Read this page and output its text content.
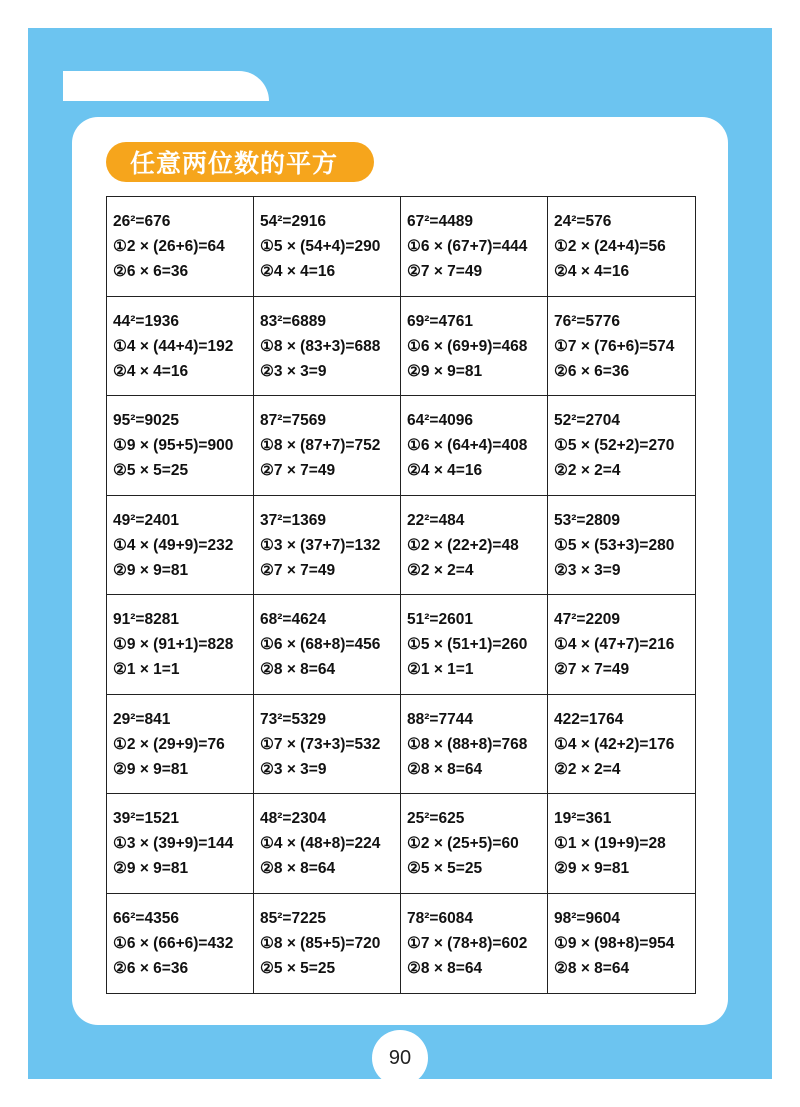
任意两位数的平方
26²=676
①2 × (26+6)=64
②6 × 6=36
54²=2916
①5 × (54+4)=290
②4 × 4=16
67²=4489
①6 × (67+7)=444
②7 × 7=49
24²=576
①2 × (24+4)=56
②4 × 4=16
44²=1936
①4 × (44+4)=192
②4 × 4=16
83²=6889
①8 × (83+3)=688
②3 × 3=9
69²=4761
①6 × (69+9)=468
②9 × 9=81
76²=5776
①7 × (76+6)=574
②6 × 6=36
95²=9025
①9 × (95+5)=900
②5 × 5=25
87²=7569
①8 × (87+7)=752
②7 × 7=49
64²=4096
①6 × (64+4)=408
②4 × 4=16
52²=2704
①5 × (52+2)=270
②2 × 2=4
49²=2401
①4 × (49+9)=232
②9 × 9=81
37²=1369
①3 × (37+7)=132
②7 × 7=49
22²=484
①2 × (22+2)=48
②2 × 2=4
53²=2809
①5 × (53+3)=280
②3 × 3=9
91²=8281
①9 × (91+1)=828
②1 × 1=1
68²=4624
①6 × (68+8)=456
②8 × 8=64
51²=2601
①5 × (51+1)=260
②1 × 1=1
47²=2209
①4 × (47+7)=216
②7 × 7=49
29²=841
①2 × (29+9)=76
②9 × 9=81
73²=5329
①7 × (73+3)=532
②3 × 3=9
88²=7744
①8 × (88+8)=768
②8 × 8=64
422=1764
①4 × (42+2)=176
②2 × 2=4
39²=1521
①3 × (39+9)=144
②9 × 9=81
48²=2304
①4 × (48+8)=224
②8 × 8=64
25²=625
①2 × (25+5)=60
②5 × 5=25
19²=361
①1 × (19+9)=28
②9 × 9=81
66²=4356
①6 × (66+6)=432
②6 × 6=36
85²=7225
①8 × (85+5)=720
②5 × 5=25
78²=6084
①7 × (78+8)=602
②8 × 8=64
98²=9604
①9 × (98+8)=954
②8 × 8=64
90
